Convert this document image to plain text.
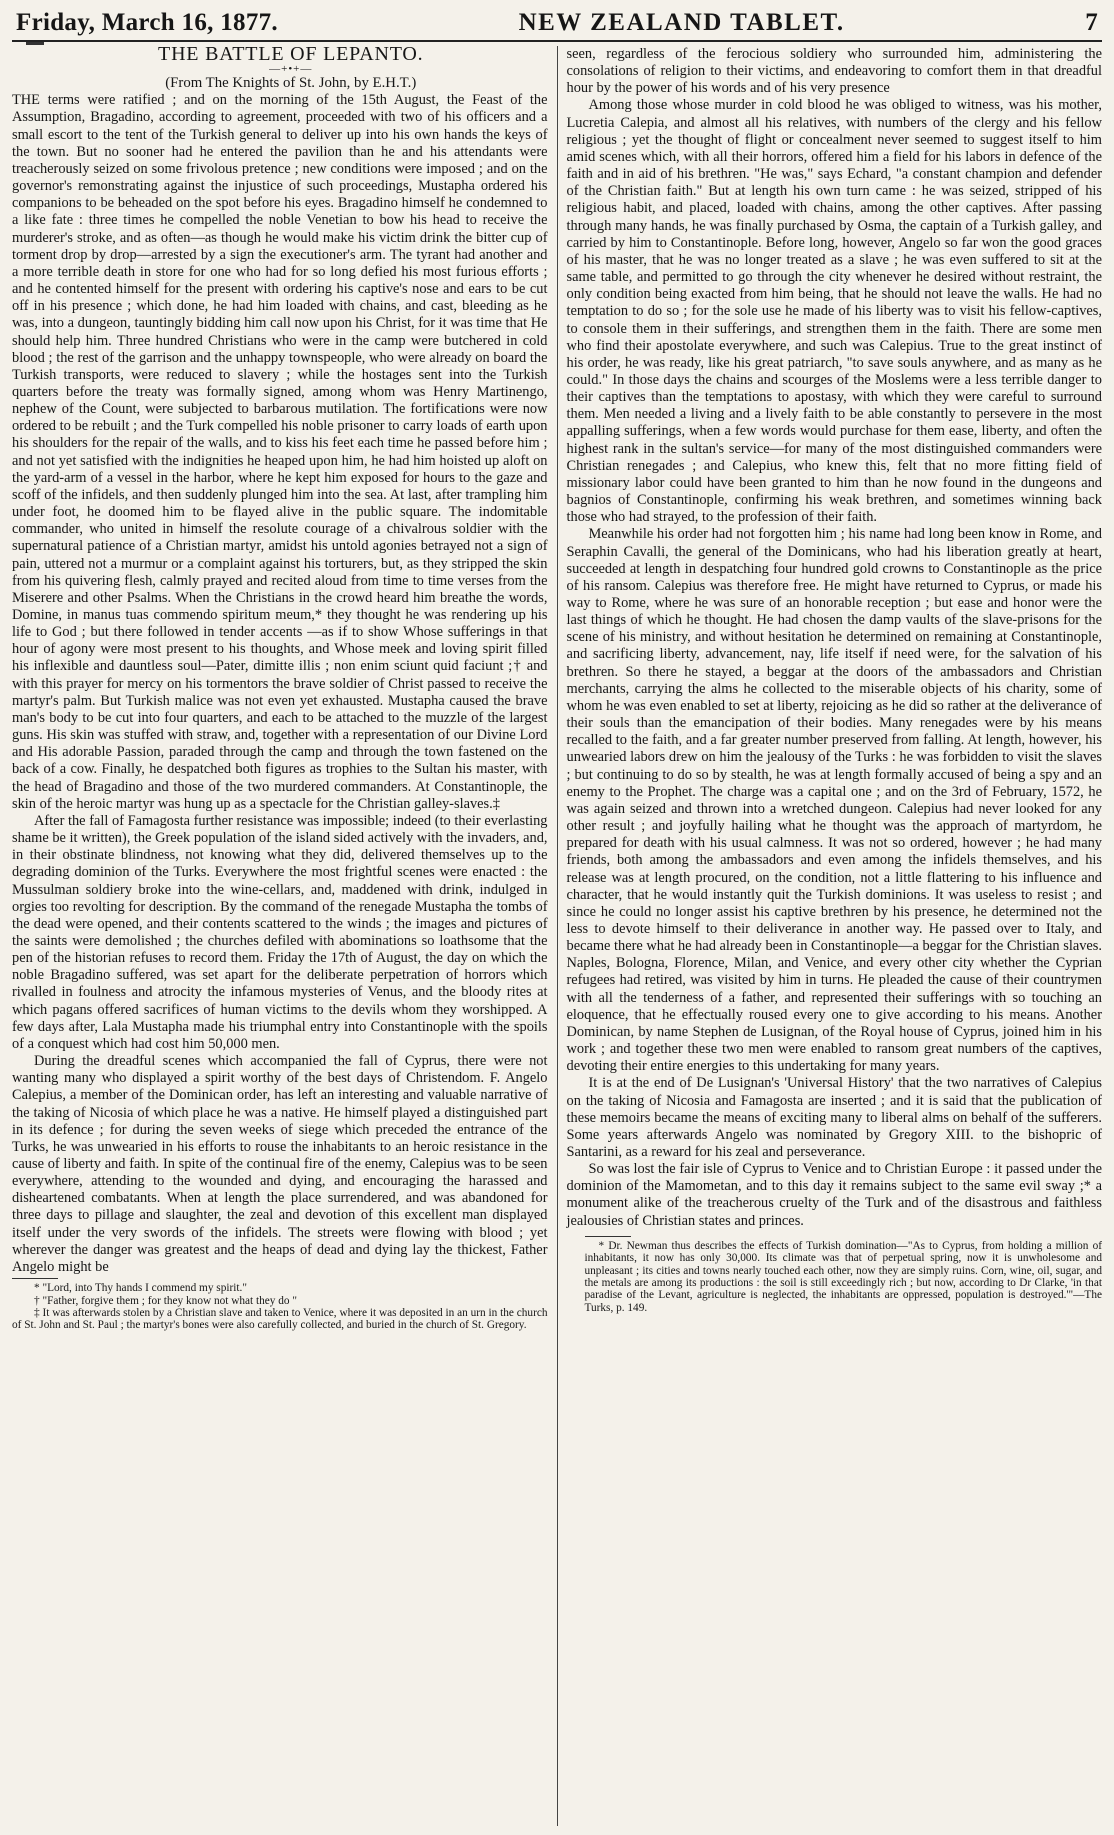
Friday, March 16, 1877.	NEW ZEALAND TABLET.	7

THE BATTLE OF LEPANTO.

—+•+—

(From The Knights of St. John, by E.H.T.)

THE terms were ratified ; and on the morning of the 15th August, the Feast of the Assumption, Bragadino, according to agreement, proceeded with two of his officers and a small escort to the tent of the Turkish general to deliver up into his own hands the keys of the town. But no sooner had he entered the pavilion than he and his attendants were treacherously seized on some frivolous pretence ; new conditions were imposed ; and on the governor's remonstrating against the injustice of such proceedings, Mustapha ordered his companions to be beheaded on the spot before his eyes. Bragadino himself he condemned to a like fate : three times he compelled the noble Venetian to bow his head to receive the murderer's stroke, and as often—as though he would make his victim drink the bitter cup of torment drop by drop—arrested by a sign the executioner's arm. The tyrant had another and a more terrible death in store for one who had for so long defied his most furious efforts ; and he contented himself for the present with ordering his captive's nose and ears to be cut off in his presence ; which done, he had him loaded with chains, and cast, bleeding as he was, into a dungeon, tauntingly bidding him call now upon his Christ, for it was time that He should help him. Three hundred Christians who were in the camp were butchered in cold blood ; the rest of the garrison and the unhappy townspeople, who were already on board the Turkish transports, were reduced to slavery ; while the hostages sent into the Turkish quarters before the treaty was formally signed, among whom was Henry Martinengo, nephew of the Count, were subjected to barbarous mutilation. The fortifications were now ordered to be rebuilt ; and the Turk compelled his noble prisoner to carry loads of earth upon his shoulders for the repair of the walls, and to kiss his feet each time he passed before him ; and not yet satisfied with the indignities he heaped upon him, he had him hoisted up aloft on the yard-arm of a vessel in the harbor, where he kept him exposed for hours to the gaze and scoff of the infidels, and then suddenly plunged him into the sea. At last, after trampling him under foot, he doomed him to be flayed alive in the public square. The indomitable commander, who united in himself the resolute courage of a chivalrous soldier with the supernatural patience of a Christian martyr, amidst his untold agonies betrayed not a sign of pain, uttered not a murmur or a complaint against his torturers, but, as they stripped the skin from his quivering flesh, calmly prayed and recited aloud from time to time verses from the Miserere and other Psalms. When the Christians in the crowd heard him breathe the words, Domine, in manus tuas commendo spiritum meum,* they thought he was rendering up his life to God ; but there followed in tender accents —as if to show Whose sufferings in that hour of agony were most present to his thoughts, and Whose meek and loving spirit filled his inflexible and dauntless soul—Pater, dimitte illis ; non enim sciunt quid faciunt ;† and with this prayer for mercy on his tormentors the brave soldier of Christ passed to receive the martyr's palm. But Turkish malice was not even yet exhausted. Mustapha caused the brave man's body to be cut into four quarters, and each to be attached to the muzzle of the largest guns. His skin was stuffed with straw, and, together with a representation of our Divine Lord and His adorable Passion, paraded through the camp and through the town fastened on the back of a cow. Finally, he despatched both figures as trophies to the Sultan his master, with the head of Bragadino and those of the two murdered commanders. At Constantinople, the skin of the heroic martyr was hung up as a spectacle for the Christian galley-slaves.‡

After the fall of Famagosta further resistance was impossible; indeed (to their everlasting shame be it written), the Greek population of the island sided actively with the invaders, and, in their obstinate blindness, not knowing what they did, delivered themselves up to the degrading dominion of the Turks. Everywhere the most frightful scenes were enacted : the Mussulman soldiery broke into the wine-cellars, and, maddened with drink, indulged in orgies too revolting for description. By the command of the renegade Mustapha the tombs of the dead were opened, and their contents scattered to the winds ; the images and pictures of the saints were demolished ; the churches defiled with abominations so loathsome that the pen of the historian refuses to record them. Friday the 17th of August, the day on which the noble Bragadino suffered, was set apart for the deliberate perpetration of horrors which rivalled in foulness and atrocity the infamous mysteries of Venus, and the bloody rites at which pagans offered sacrifices of human victims to the devils whom they worshipped. A few days after, Lala Mustapha made his triumphal entry into Constantinople with the spoils of a conquest which had cost him 50,000 men.

During the dreadful scenes which accompanied the fall of Cyprus, there were not wanting many who displayed a spirit worthy of the best days of Christendom. F. Angelo Calepius, a member of the Dominican order, has left an interesting and valuable narrative of the taking of Nicosia of which place he was a native. He himself played a distinguished part in its defence ; for during the seven weeks of siege which preceded the entrance of the Turks, he was unwearied in his efforts to rouse the inhabitants to an heroic resistance in the cause of liberty and faith. In spite of the continual fire of the enemy, Calepius was to be seen everywhere, attending to the wounded and dying, and encouraging the harassed and disheartened combatants. When at length the place surrendered, and was abandoned for three days to pillage and slaughter, the zeal and devotion of this excellent man displayed itself under the very swords of the infidels. The streets were flowing with blood ; yet wherever the danger was greatest and the heaps of dead and dying lay the thickest, Father Angelo might be

* "Lord, into Thy hands I commend my spirit."

† "Father, forgive them ; for they know not what they do "

‡ It was afterwards stolen by a Christian slave and taken to Venice, where it was deposited in an urn in the church of St. John and St. Paul ; the martyr's bones were also carefully collected, and buried in the church of St. Gregory.

seen, regardless of the ferocious soldiery who surrounded him, administering the consolations of religion to their victims, and endeavoring to comfort them in that dreadful hour by the power of his words and of his very presence

Among those whose murder in cold blood he was obliged to witness, was his mother, Lucretia Calepia, and almost all his relatives, with numbers of the clergy and his fellow religious ; yet the thought of flight or concealment never seemed to suggest itself to him amid scenes which, with all their horrors, offered him a field for his labors in defence of the faith and in aid of his brethren. "He was," says Echard, "a constant champion and defender of the Christian faith." But at length his own turn came : he was seized, stripped of his religious habit, and placed, loaded with chains, among the other captives. After passing through many hands, he was finally purchased by Osma, the captain of a Turkish galley, and carried by him to Constantinople. Before long, however, Angelo so far won the good graces of his master, that he was no longer treated as a slave ; he was even suffered to sit at the same table, and permitted to go through the city whenever he desired without restraint, the only condition being exacted from him being, that he should not leave the walls. He had no temptation to do so ; for the sole use he made of his liberty was to visit his fellow-captives, to console them in their sufferings, and strengthen them in the faith. There are some men who find their apostolate everywhere, and such was Calepius. True to the great instinct of his order, he was ready, like his great patriarch, "to save souls anywhere, and as many as he could." In those days the chains and scourges of the Moslems were a less terrible danger to their captives than the temptations to apostasy, with which they were careful to surround them. Men needed a living and a lively faith to be able constantly to persevere in the most appalling sufferings, when a few words would purchase for them ease, liberty, and often the highest rank in the sultan's service—for many of the most distinguished commanders were Christian renegades ; and Calepius, who knew this, felt that no more fitting field of missionary labor could have been granted to him than he now found in the dungeons and bagnios of Constantinople, confirming his weak brethren, and sometimes winning back those who had strayed, to the profession of their faith.

Meanwhile his order had not forgotten him ; his name had long been know in Rome, and Seraphin Cavalli, the general of the Dominicans, who had his liberation greatly at heart, succeeded at length in despatching four hundred gold crowns to Constantinople as the price of his ransom. Calepius was therefore free. He might have returned to Cyprus, or made his way to Rome, where he was sure of an honorable reception ; but ease and honor were the last things of which he thought. He had chosen the damp vaults of the slave-prisons for the scene of his ministry, and without hesitation he determined on remaining at Constantinople, and sacrificing liberty, advancement, nay, life itself if need were, for the salvation of his brethren. So there he stayed, a beggar at the doors of the ambassadors and Christian merchants, carrying the alms he collected to the miserable objects of his charity, some of whom he was even enabled to set at liberty, rejoicing as he did so rather at the deliverance of their souls than the emancipation of their bodies. Many renegades were by his means recalled to the faith, and a far greater number preserved from falling. At length, however, his unwearied labors drew on him the jealousy of the Turks : he was forbidden to visit the slaves ; but continuing to do so by stealth, he was at length formally accused of being a spy and an enemy to the Prophet. The charge was a capital one ; and on the 3rd of February, 1572, he was again seized and thrown into a wretched dungeon. Calepius had never looked for any other result ; and joyfully hailing what he thought was the approach of martyrdom, he prepared for death with his usual calmness. It was not so ordered, however ; he had many friends, both among the ambassadors and even among the infidels themselves, and his release was at length procured, on the condition, not a little flattering to his influence and character, that he would instantly quit the Turkish dominions. It was useless to resist ; and since he could no longer assist his captive brethren by his presence, he determined not the less to devote himself to their deliverance in another way. He passed over to Italy, and became there what he had already been in Constantinople—a beggar for the Christian slaves. Naples, Bologna, Florence, Milan, and Venice, and every other city whether the Cyprian refugees had retired, was visited by him in turns. He pleaded the cause of their countrymen with all the tenderness of a father, and represented their sufferings with so touching an eloquence, that he effectually roused every one to give according to his means. Another Dominican, by name Stephen de Lusignan, of the Royal house of Cyprus, joined him in his work ; and together these two men were enabled to ransom great numbers of the captives, devoting their entire energies to this undertaking for many years.

It is at the end of De Lusignan's 'Universal History' that the two narratives of Calepius on the taking of Nicosia and Famagosta are inserted ; and it is said that the publication of these memoirs became the means of exciting many to liberal alms on behalf of the sufferers. Some years afterwards Angelo was nominated by Gregory XIII. to the bishopric of Santarini, as a reward for his zeal and perseverance.

So was lost the fair isle of Cyprus to Venice and to Christian Europe : it passed under the dominion of the Mamometan, and to this day it remains subject to the same evil sway ;* a monument alike of the treacherous cruelty of the Turk and of the disastrous and faithless jealousies of Christian states and princes.

* Dr. Newman thus describes the effects of Turkish domination—"As to Cyprus, from holding a million of inhabitants, it now has only 30,000. Its climate was that of perpetual spring, now it is unwholesome and unpleasant ; its cities and towns nearly touched each other, now they are simply ruins. Corn, wine, oil, sugar, and the metals are among its productions : the soil is still exceedingly rich ; but now, according to Dr Clarke, 'in that paradise of the Levant, agriculture is neglected, the inhabitants are oppressed, population is destroyed.'"—The Turks, p. 149.
